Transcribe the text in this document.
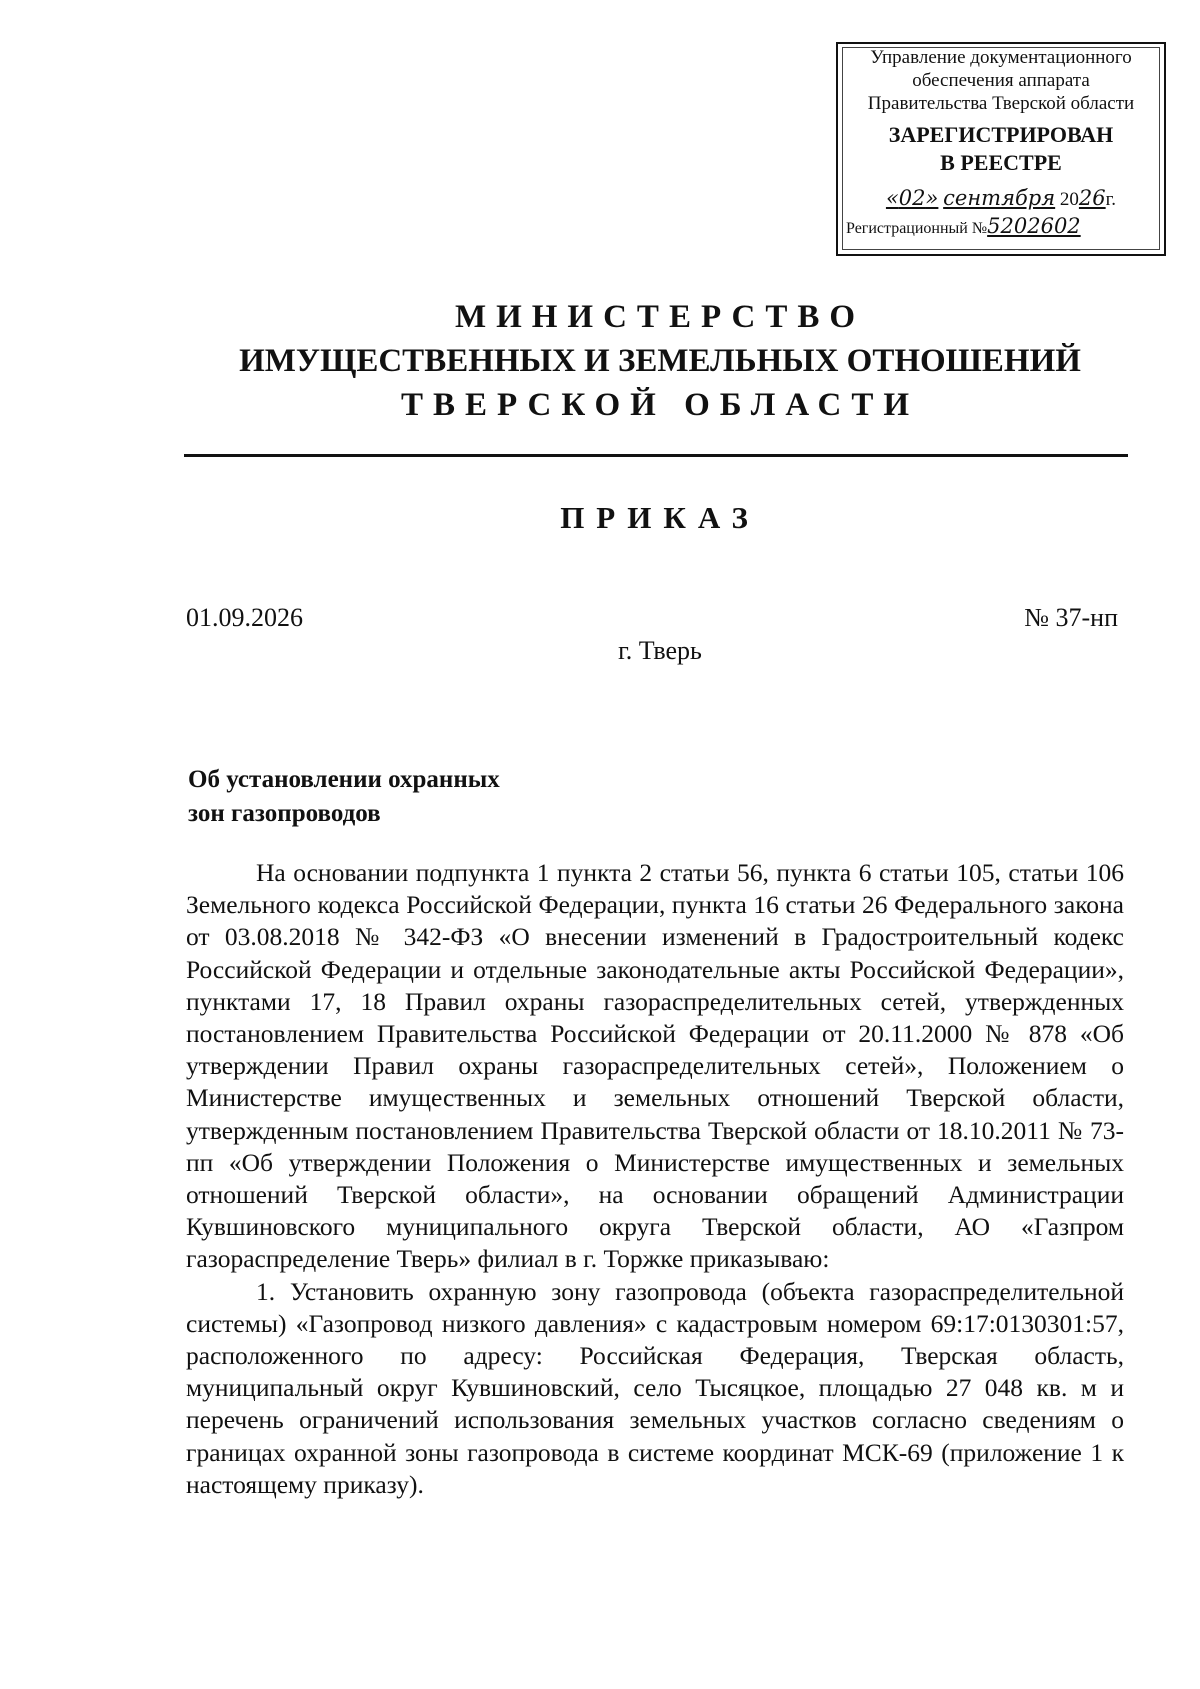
Управление документационного
обеспечения аппарата
Правительства Тверской области
ЗАРЕГИСТРИРОВАН
В РЕЕСТРЕ
«02» сентября 2026г.
Регистрационный №5202602
МИНИСТЕРСТВО
ИМУЩЕСТВЕННЫХ И ЗЕМЕЛЬНЫХ ОТНОШЕНИЙ
ТВЕРСКОЙ ОБЛАСТИ
ПРИКАЗ
01.09.2026	№ 37-нп
г. Тверь
Об установлении охранных
зон газопроводов

На основании подпункта 1 пункта 2 статьи 56, пункта 6 статьи 105, статьи 106 Земельного кодекса Российской Федерации, пункта 16 статьи 26 Федерального закона от 03.08.2018 № 342-ФЗ «О внесении изменений в Градостроительный кодекс Российской Федерации и отдельные законодательные акты Российской Федерации», пунктами 17, 18 Правил охраны газораспределительных сетей, утвержденных постановлением Правительства Российской Федерации от 20.11.2000 № 878 «Об утверждении Правил охраны газораспределительных сетей», Положением о Министерстве имущественных и земельных отношений Тверской области, утвержденным постановлением Правительства Тверской области от 18.10.2011 № 73-пп «Об утверждении Положения о Министерстве имущественных и земельных отношений Тверской области», на основании обращений Администрации Кувшиновского муниципального округа Тверской области, АО «Газпром газораспределение Тверь» филиал в г. Торжке приказываю:

1. Установить охранную зону газопровода (объекта газораспределительной системы) «Газопровод низкого давления» с кадастровым номером 69:17:0130301:57, расположенного по адресу: Российская Федерация, Тверская область, муниципальный округ Кувшиновский, село Тысяцкое, площадью 27 048 кв. м и перечень ограничений использования земельных участков согласно сведениям о границах охранной зоны газопровода в системе координат МСК-69 (приложение 1 к настоящему приказу).
